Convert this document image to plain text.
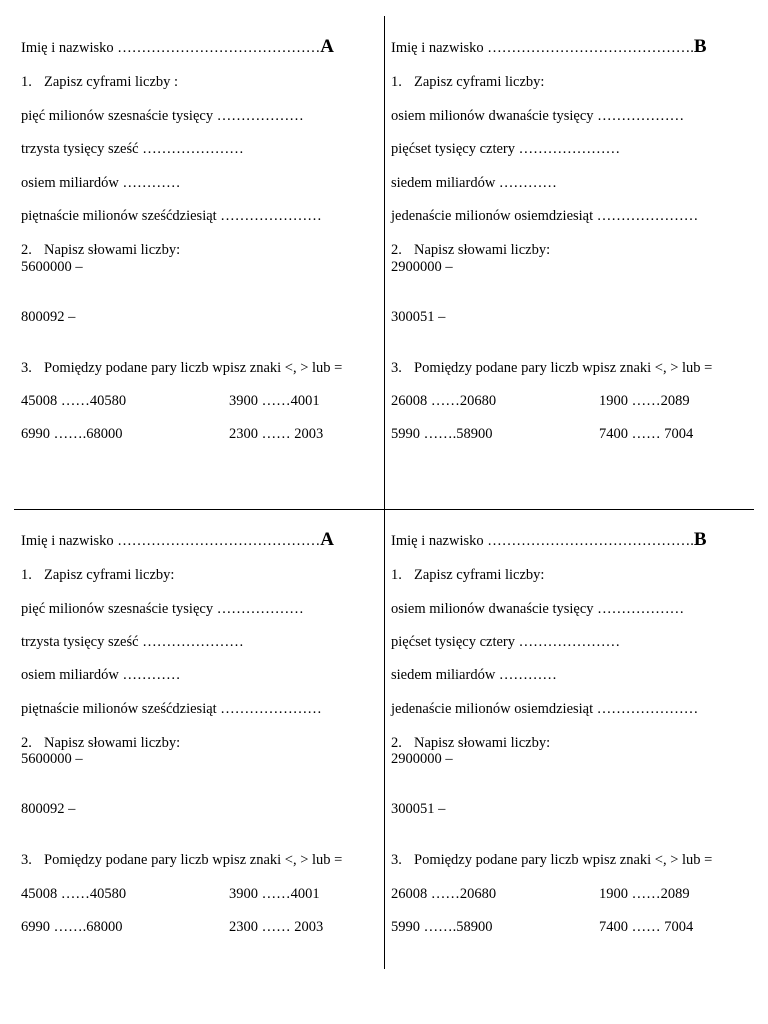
Imię i nazwisko ……………………………………A
1. Zapisz cyframi liczby :
pięć milionów szesnaście tysięcy ………………
trzysta tysięcy sześć …………………
osiem miliardów …………
piętnaście milionów sześćdziesiąt …………………
2. Napisz słowami liczby:
5600000 –
800092 –
3. Pomiędzy podane pary liczb wpisz znaki <, > lub =
45008 ……40580	3900 ……4001
6990 …….68000	2300 …… 2003
Imię i nazwisko …………………………………….B
1. Zapisz cyframi liczby:
osiem milionów dwanaście tysięcy ………………
pięćset tysięcy cztery …………………
siedem miliardów …………
jedenaście milionów osiemdziesiąt …………………
2. Napisz słowami liczby:
2900000 –
300051 –
3. Pomiędzy podane pary liczb wpisz znaki <, > lub =
26008 ……20680	1900 ……2089
5990 …….58900	7400 …… 7004
Imię i nazwisko ……………………………………A
1. Zapisz cyframi liczby:
pięć milionów szesnaście tysięcy ………………
trzysta tysięcy sześć …………………
osiem miliardów …………
piętnaście milionów sześćdziesiąt …………………
2. Napisz słowami liczby:
5600000 –
800092 –
3. Pomiędzy podane pary liczb wpisz znaki <, > lub =
45008 ……40580	3900 ……4001
6990 …….68000	2300 …… 2003
Imię i nazwisko …………………………………….B
1. Zapisz cyframi liczby:
osiem milionów dwanaście tysięcy ………………
pięćset tysięcy cztery …………………
siedem miliardów …………
jedenaście milionów osiemdziesiąt …………………
2. Napisz słowami liczby:
2900000 –
300051 –
3. Pomiędzy podane pary liczb wpisz znaki <, > lub =
26008 ……20680	1900 ……2089
5990 …….58900	7400 …… 7004
